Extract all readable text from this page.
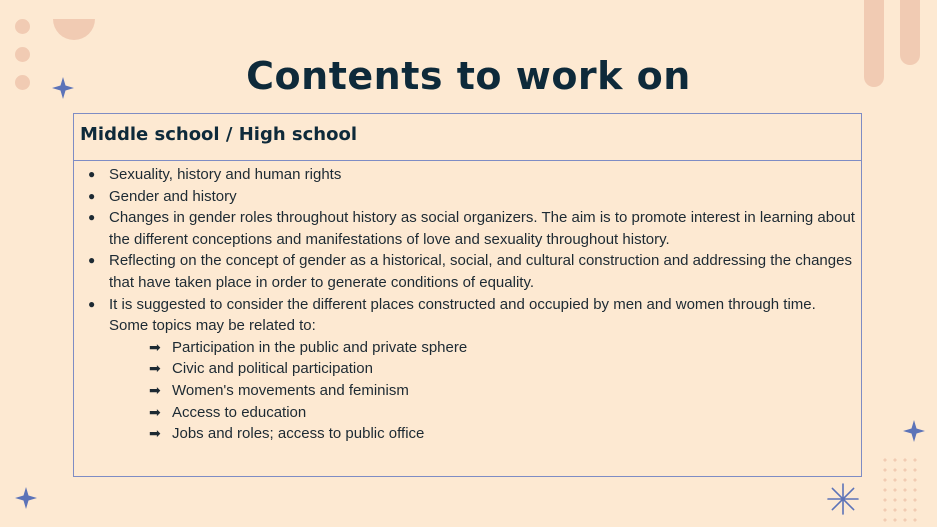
Contents to work on
Middle school / High school
● Sexuality, history and human rights
● Gender and history
● Changes in gender roles throughout history as social organizers. The aim is to promote interest in learning about the different conceptions and manifestations of love and sexuality throughout history.
● Reflecting on the concept of gender as a historical, social, and cultural construction and addressing the changes that have taken place in order to generate conditions of equality.
● It is suggested to consider the different places constructed and occupied by men and women through time. Some topics may be related to:
➡ Participation in the public and private sphere
➡ Civic and political participation
➡ Women's movements and feminism
➡ Access to education
➡ Jobs and roles; access to public office
